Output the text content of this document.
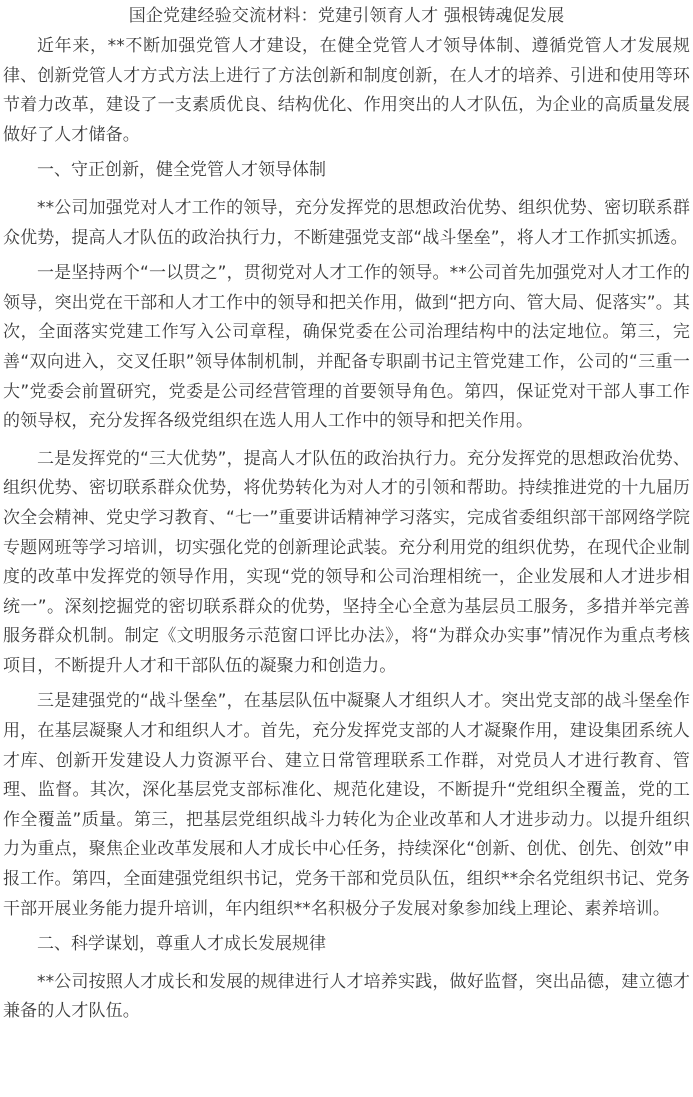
国企党建经验交流材料：党建引领育人才 强根铸魂促发展

近年来，**不断加强党管人才建设，在健全党管人才领导体制、遵循党管人才发展规律、创新党管人才方式方法上进行了方法创新和制度创新，在人才的培养、引进和使用等环节着力改革，建设了一支素质优良、结构优化、作用突出的人才队伍，为企业的高质量发展做好了人才储备。

一、守正创新，健全党管人才领导体制

**公司加强党对人才工作的领导，充分发挥党的思想政治优势、组织优势、密切联系群众优势，提高人才队伍的政治执行力，不断建强党支部“战斗堡垒”，将人才工作抓实抓透。

一是坚持两个“一以贯之”，贯彻党对人才工作的领导。**公司首先加强党对人才工作的领导，突出党在干部和人才工作中的领导和把关作用，做到“把方向、管大局、促落实”。其次，全面落实党建工作写入公司章程，确保党委在公司治理结构中的法定地位。第三，完善“双向进入，交叉任职”领导体制机制，并配备专职副书记主管党建工作，公司的“三重一大”党委会前置研究，党委是公司经营管理的首要领导角色。第四，保证党对干部人事工作的领导权，充分发挥各级党组织在选人用人工作中的领导和把关作用。

二是发挥党的“三大优势”，提高人才队伍的政治执行力。充分发挥党的思想政治优势、组织优势、密切联系群众优势，将优势转化为对人才的引领和帮助。持续推进党的十九届历次全会精神、党史学习教育、“七一”重要讲话精神学习落实，完成省委组织部干部网络学院专题网班等学习培训，切实强化党的创新理论武装。充分利用党的组织优势，在现代企业制度的改革中发挥党的领导作用，实现“党的领导和公司治理相统一，企业发展和人才进步相统一”。深刻挖掘党的密切联系群众的优势，坚持全心全意为基层员工服务，多措并举完善服务群众机制。制定《文明服务示范窗口评比办法》，将“为群众办实事”情况作为重点考核项目，不断提升人才和干部队伍的凝聚力和创造力。

三是建强党的“战斗堡垒”，在基层队伍中凝聚人才组织人才。突出党支部的战斗堡垒作用，在基层凝聚人才和组织人才。首先，充分发挥党支部的人才凝聚作用，建设集团系统人才库、创新开发建设人力资源平台、建立日常管理联系工作群，对党员人才进行教育、管理、监督。其次，深化基层党支部标准化、规范化建设，不断提升“党组织全覆盖，党的工作全覆盖”质量。第三，把基层党组织战斗力转化为企业改革和人才进步动力。以提升组织力为重点，聚焦企业改革发展和人才成长中心任务，持续深化“创新、创优、创先、创效”申报工作。第四，全面建强党组织书记，党务干部和党员队伍，组织**余名党组织书记、党务干部开展业务能力提升培训，年内组织**名积极分子发展对象参加线上理论、素养培训。

二、科学谋划，尊重人才成长发展规律

**公司按照人才成长和发展的规律进行人才培养实践，做好监督，突出品德，建立德才兼备的人才队伍。
